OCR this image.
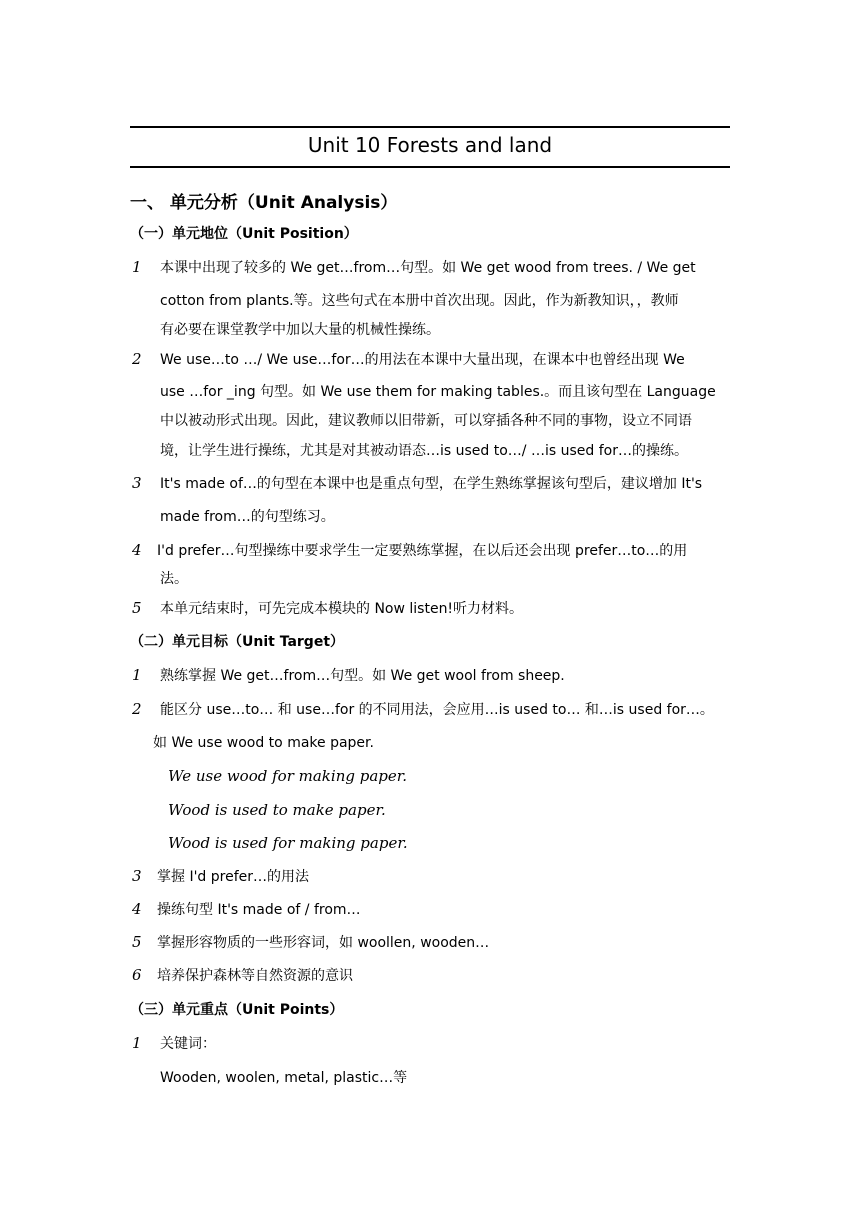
Unit 10 Forests and land
一、 单元分析（Unit Analysis）
（一）单元地位（Unit Position）
1 本课中出现了较多的 We get…from…句型。如 We get wood from trees. / We get
cotton from plants.等。这些句式在本册中首次出现。因此，作为新教知识，，教师
有必要在课堂教学中加以大量的机械性操练。
2 We use…to …/ We use…for…的用法在本课中大量出现，在课本中也曾经出现 We
use …for _ing 句型。如 We use them for making tables.。而且该句型在 Language
中以被动形式出现。因此，建议教师以旧带新，可以穿插各种不同的事物，设立不同语
境，让学生进行操练，尤其是对其被动语态…is used to…/ …is used for…的操练。
3 It's made of…的句型在本课中也是重点句型，在学生熟练掌握该句型后，建议增加 It's
made from…的句型练习。
4 I'd prefer…句型操练中要求学生一定要熟练掌握，在以后还会出现 prefer…to…的用
法。
5 本单元结束时，可先完成本模块的 Now listen!听力材料。
（二）单元目标（Unit Target）
1 熟练掌握 We get…from…句型。如 We get wool from sheep.
2 能区分 use…to… 和 use…for 的不同用法，会应用…is used to… 和…is used for…。
如 We use wood to make paper.
We use wood for making paper.
Wood is used to make paper.
Wood is used for making paper.
3 掌握 I'd prefer…的用法
4 操练句型 It's made of / from…
5 掌握形容物质的一些形容词，如 woollen, wooden…
6 培养保护森林等自然资源的意识
（三）单元重点（Unit Points）
1 关键词：
Wooden, woolen, metal, plastic…等
